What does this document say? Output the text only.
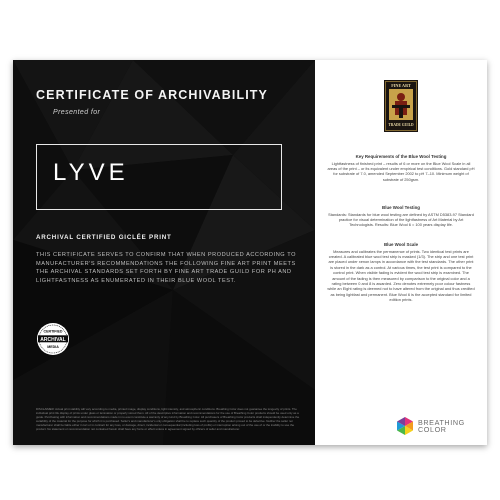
CERTIFICATE OF ARCHIVABILITY
Presented for
LYVE
ARCHIVAL CERTIFIED GICLÉE PRINT
THIS CERTIFICATE SERVES TO CONFIRM THAT WHEN PRODUCED ACCORDING TO MANUFACTURER'S RECOMMENDATIONS THE FOLLOWING FINE ART PRINT MEETS THE ARCHIVAL STANDARDS SET FORTH BY FINE ART TRADE GUILD FOR PH AND LIGHTFASTNESS AS ENUMERATED IN THEIR BLUE WOOL TEST.
CERTIFIED
ARCHIVAL
MEDIA
DISCLAIMER: Actual print stability will vary according to media, printed image, display conditions, light intensity, and atmospheric conditions. Breathing Color does not guarantee the longevity of prints. The individual print life display of prints under glass or lamination or properly stored them. All of the descriptive information and recommendations for the use of Breathing Color products should be used only as a guide. Purchasing with information and recommendations made in no event constitute a warranty of any kind by Breathing Color. All purchasers of Breathing Color products shall independently determine the suitability of the material for the purpose for which it is purchased. Seller's and manufacturer's only obligation shall be to replace such quantity of the product proved to be defective. Neither the seller nor manufacturer shall be liable either in tort or in contract for any loss, or damage, direct, incidental or consequential (including loss of profits) or interruption arising out of the use of or the inability to use the product. No statement or recommendation not contained herein shall have any force or effect unless in agreement signed by officers of seller and manufacturer.
FINE ART
TRADE GUILD
Key Requirements of the Blue Wool Testing
Lightfastness of finished print – results of 6 or more on the Blue Wool Scale in all areas of the print – or its equivalent under empirical test conditions. Gold standard pH for substrate of 7.0, amended September 2002 to pH 7–10. Minimum weight of substrate of 250gsm.
Blue Wool Testing
Standards: Standards for blue wool testing are defined by ASTM D5383-97 Standard practice for visual determination of the lightfastness of Art Material by Art Technologists. Results: Blue Wool 6 = 100 years display life.
Blue Wool Scale
Measures and calibrates the permanence of prints. Two identical test prints are created. A calibrated blue wool test strip is masked (1/3). The strip and one test print are placed under xenon lamps in accordance with the test standards. The other print is stored in the dark as a control. At various times, the test print is compared to the control print. When visible fading is evident the wool test strip is examined. The amount of the fading is then measured by comparison to the original color and a rating between 0 and 8 is awarded. Zero denotes extremely poor colour fastness while an Eight rating is deemed not to have altered from the original and thus credited as being lightfast and permanent. Blue Wool 6 is the accepted standard for limited edition prints.
BREATHING
COLOR
